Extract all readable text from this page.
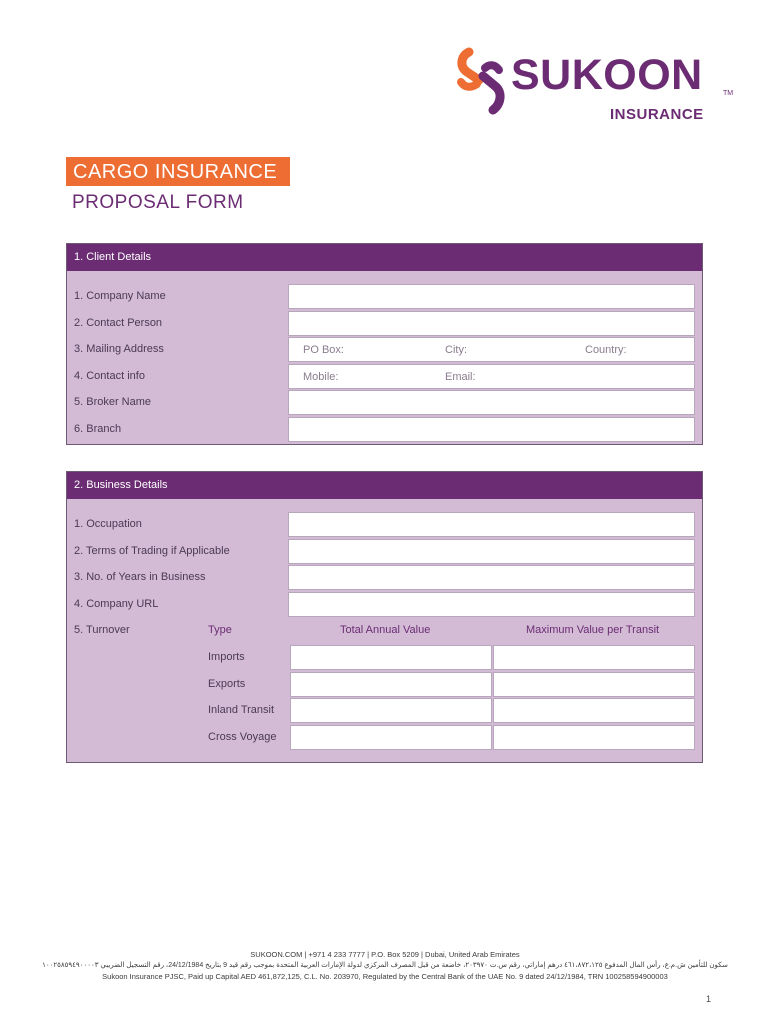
SUKOON	TM
INSURANCE
CARGO INSURANCE
PROPOSAL FORM
1. Client Details
1. Company Name
2. Contact Person
3. Mailing Address	PO Box:	City:	Country:
4. Contact info	Mobile:	Email:
5. Broker Name
6. Branch
2. Business Details
1. Occupation
2. Terms of Trading if Applicable
3. No. of Years in Business
4. Company URL
5. Turnover	Type	Total Annual Value	Maximum Value per Transit
Imports
Exports
Inland Transit
Cross Voyage
SUKOON.COM | +971 4 233 7777 | P.O. Box 5209 | Dubai, United Arab Emirates
سكون للتأمين ش.م.ع، رأس المال المدفوع ٤٦١،٨٧٢،١٢٥ درهم إماراتي، رقم س.ت ٢٠٣٩٧٠، خاضعة من قبل المصرف المركزي لدولة الإمارات العربية المتحدة بموجب رقم قيد 9 بتاريخ 24/12/1984، رقم التسجيل الضريبي ١٠٠٢٥٨٥٩٤٩٠٠٠٠٣
Sukoon Insurance PJSC, Paid up Capital AED 461,872,125, C.L. No. 203970, Regulated by the Central Bank of the UAE No. 9 dated 24/12/1984, TRN 100258594900003
1
